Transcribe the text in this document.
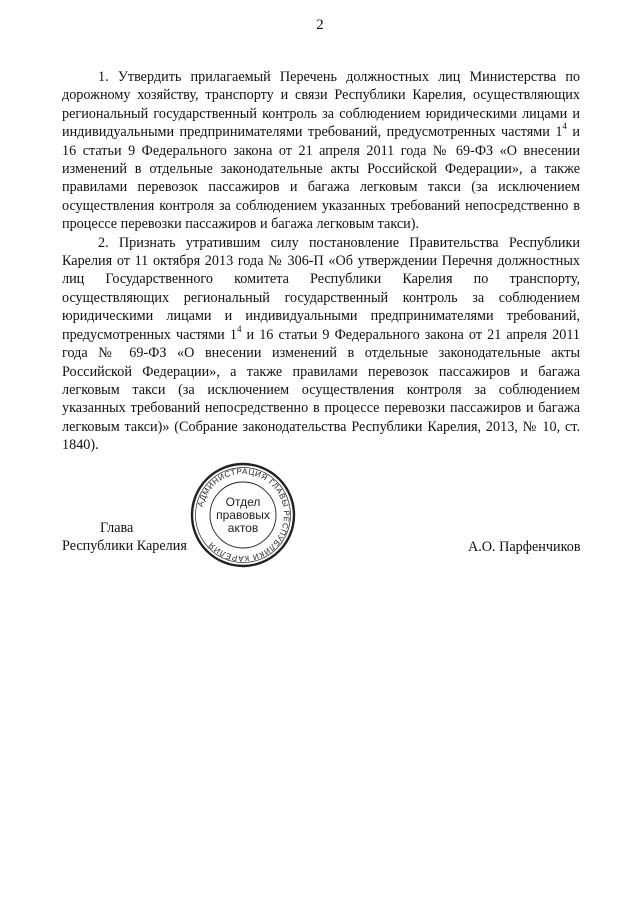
2

1. Утвердить прилагаемый Перечень должностных лиц Министерства по дорожному хозяйству, транспорту и связи Республики Карелия, осуществляющих региональный государственный контроль за соблюдением юридическими лицами и индивидуальными предпринимателями требований, предусмотренных частями $1^4$ и 16 статьи 9 Федерального закона от 21 апреля 2011 года № 69-ФЗ «О внесении изменений в отдельные законодательные акты Российской Федерации», а также правилами перевозок пассажиров и багажа легковым такси (за исключением осуществления контроля за соблюдением указанных требований непосредственно в процессе перевозки пассажиров и багажа легковым такси).

2. Признать утратившим силу постановление Правительства Республики Карелия от 11 октября 2013 года № 306-П «Об утверждении Перечня должностных лиц Государственного комитета Республики Карелия по транспорту, осуществляющих региональный государственный контроль за соблюдением юридическими лицами и индивидуальными предпринимателями требований, предусмотренных частями $1^4$ и 16 статьи 9 Федерального закона от 21 апреля 2011 года № 69-ФЗ «О внесении изменений в отдельные законодательные акты Российской Федерации», а также правилами перевозок пассажиров и багажа легковым такси (за исключением осуществления контроля за соблюдением указанных требований непосредственно в процессе перевозки пассажиров и багажа легковым такси)» (Собрание законодательства Республики Карелия, 2013, № 10, ст. 1840).

Глава
Республики Карелия
АДМИНИСТРАЦИЯ ГЛАВЫ РЕСПУБЛИКИ КАРЕЛИЯ
Отдел
правовых
актов
А.О. Парфенчиков
